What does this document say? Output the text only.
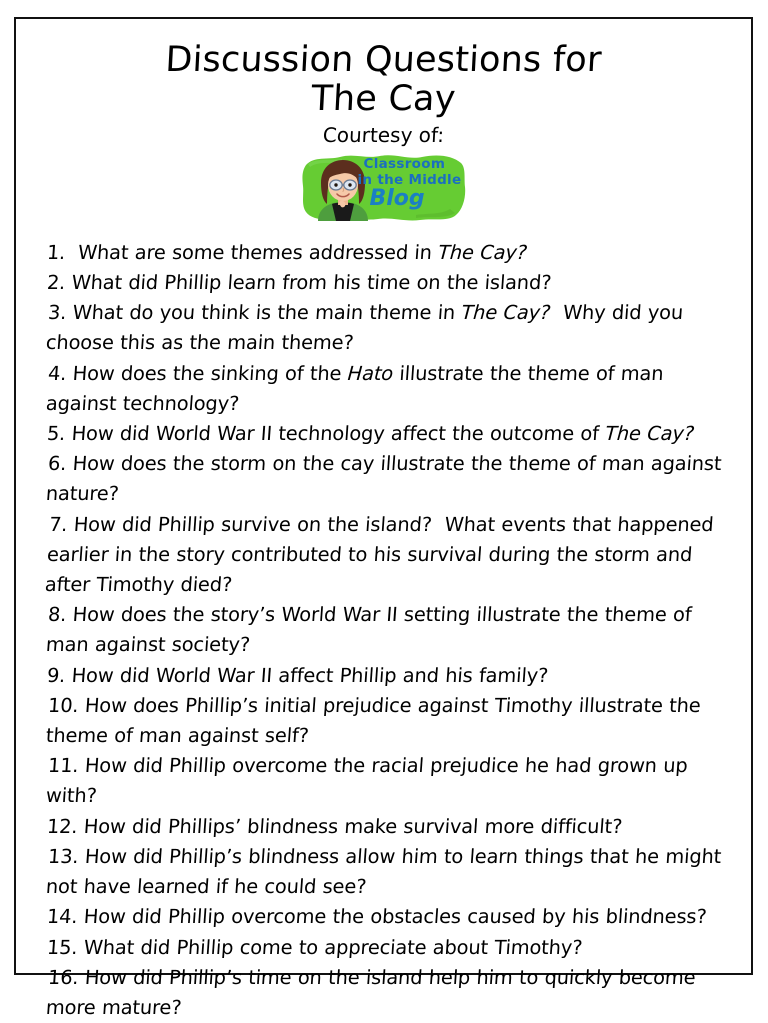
Discussion Questions for
The Cay
Courtesy of:
Classroom
in the Middle
Blog
1.  What are some themes addressed in The Cay?
2. What did Phillip learn from his time on the island?
3. What do you think is the main theme in The Cay?  Why did you choose this as the main theme?
4. How does the sinking of the Hato illustrate the theme of man against technology?
5. How did World War II technology affect the outcome of The Cay?
6. How does the storm on the cay illustrate the theme of man against nature?
7. How did Phillip survive on the island?  What events that happened earlier in the story contributed to his survival during the storm and after Timothy died?
8. How does the story’s World War II setting illustrate the theme of man against society?
9. How did World War II affect Phillip and his family?
10. How does Phillip’s initial prejudice against Timothy illustrate the theme of man against self?
11. How did Phillip overcome the racial prejudice he had grown up with?
12. How did Phillips’ blindness make survival more difficult?
13. How did Phillip’s blindness allow him to learn things that he might not have learned if he could see?
14. How did Phillip overcome the obstacles caused by his blindness?
15. What did Phillip come to appreciate about Timothy?
16. How did Phillip’s time on the island help him to quickly become more mature?
